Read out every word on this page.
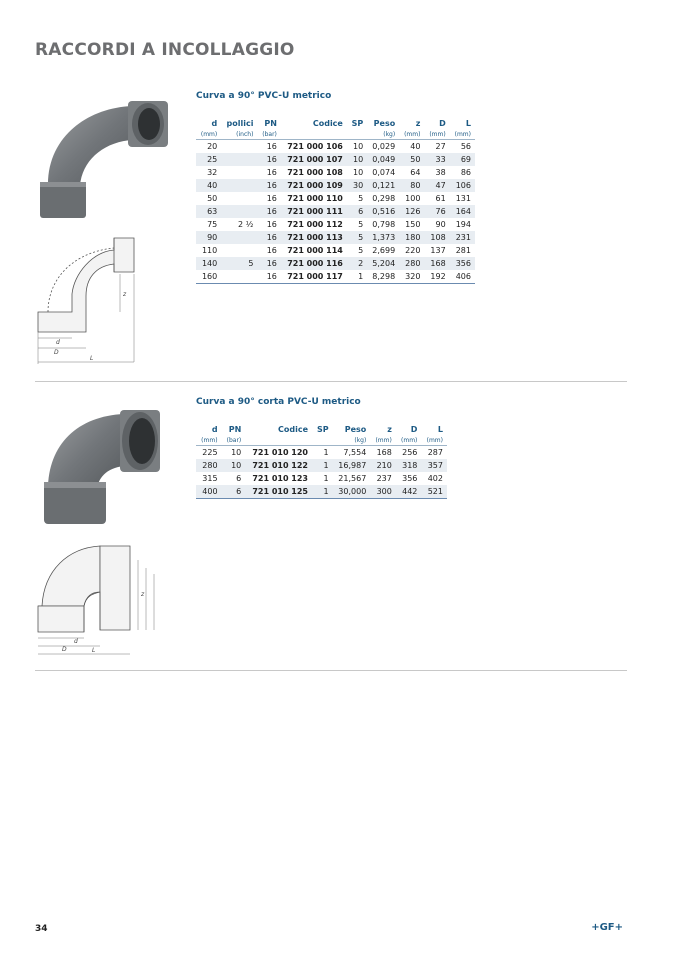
RACCORDI A INCOLLAGGIO
d
D
L
z
Curva a 90° PVC-U metrico
d	pollici	PN	Codice	SP	Peso	z	D	L
(mm)	(inch)	(bar)			(kg)	(mm)	(mm)	(mm)
20		16	721 000 106	10	0,029	40	27	56
25		16	721 000 107	10	0,049	50	33	69
32		16	721 000 108	10	0,074	64	38	86
40		16	721 000 109	30	0,121	80	47	106
50		16	721 000 110	5	0,298	100	61	131
63		16	721 000 111	6	0,516	126	76	164
75	2 ½	16	721 000 112	5	0,798	150	90	194
90		16	721 000 113	5	1,373	180	108	231
110		16	721 000 114	5	2,699	220	137	281
140	5	16	721 000 116	2	5,204	280	168	356
160		16	721 000 117	1	8,298	320	192	406
d
D	L
z
Curva a 90° corta PVC-U metrico
d	PN	Codice	SP	Peso	z	D	L
(mm)	(bar)			(kg)	(mm)	(mm)	(mm)
225	10	721 010 120	1	7,554	168	256	287
280	10	721 010 122	1	16,987	210	318	357
315	6	721 010 123	1	21,567	237	356	402
400	6	721 010 125	1	30,000	300	442	521
34	+GF+
